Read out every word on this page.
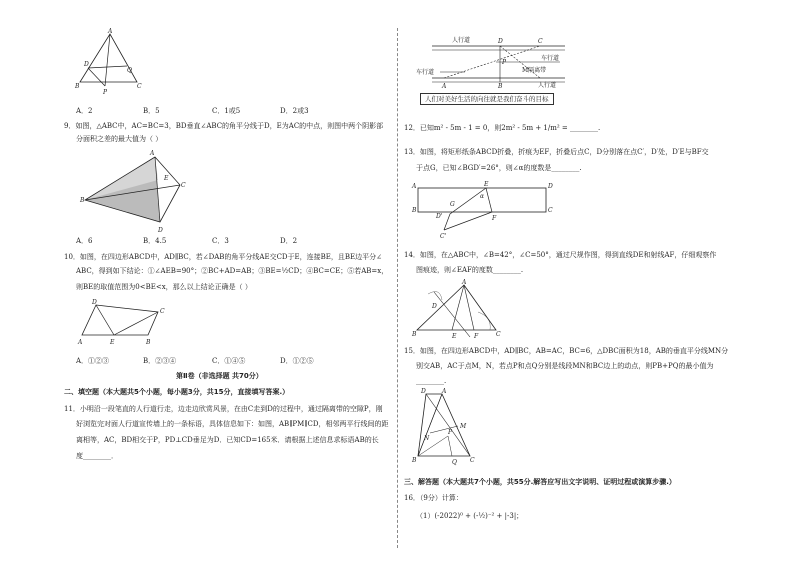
A
D
Q
B	C
P
A．2	B．5	C．1或5	D．2或3
9．如图，△ABC中，AC=BC=3，BD垂直∠ABC的角平分线于D，E为AC的中点，则图中两个阴影部
分面积之差的最大值为（ ）
A
B
C
E
D
A．6	B．4.5	C．3	D．2
10．如图，在四边形ABCD中，AD∥BC，若∠DAB的角平分线AE交CD于E，连接BE，且BE边平分∠
ABC，得到如下结论：①∠AEB=90°；②BC+AD=AB；③BE=½CD；④BC=CE；⑤若AB=x，
则BE的取值范围为0<BE<x，那么以上结论正确是（ ）
D
C
A	E	B
A．①②③	B．②③④	C．①④⑤	D．①②⑤
第Ⅱ卷（非选择题 共70分）
二、填空题（本大题共5个小题，每小题3分，共15分，直接填写答案.）
11．小明沿一段笔直的人行道行走，边走边欣赏风景，在由C走到D的过程中，通过隔离带的空隙P，刚
好浏览完对面人行道宣传墙上的一条标语，具体信息如下：如图，AB∥PM∥CD，相邻两平行线间的距
离相等，AC，BD相交于P，PD⊥CD垂足为D．已知CD=165米．请根据上述信息求标语AB的长
度________．
D	C
P
A	B
人行道
车行道	M隔离带
车行道
人行道
人们对美好生活的向往就是我们奋斗的目标
12．已知m² - 5m - 1 = 0，则2m² - 5m + 1/m² = ________.
13．如图，将矩形纸条ABCD折叠，折痕为EF，折叠后点C，D分别落在点C′，D′处，D′E与BF交
于点G，已知∠BGD′=26°，则∠α的度数是________.
A	E	D
B	C
G
D'
α
C'
F
14．如图，在△ABC中，∠B=42°，∠C=50°，通过尺规作图，得到直线DE和射线AF，仔细观察作
图痕迹，则∠EAF的度数________.
A
D
B	E	F	C
15．如图，在四边形ABCD中，AD∥BC，AB=AC，BC=6，△DBC面积为18，AB的垂直平分线MN分
别交AB，AC于点M，N，若点P和点Q分别是线段MN和BC边上的动点，则PB+PQ的最小值为
________.
D	A
M
P
N
B	Q C
三、解答题（本大题共7个小题，共55分.解答应写出文字说明、证明过程或演算步骤.）
16．（9分）计算：
（1）(-2022)⁰ + (-½)⁻² + |-3|；
